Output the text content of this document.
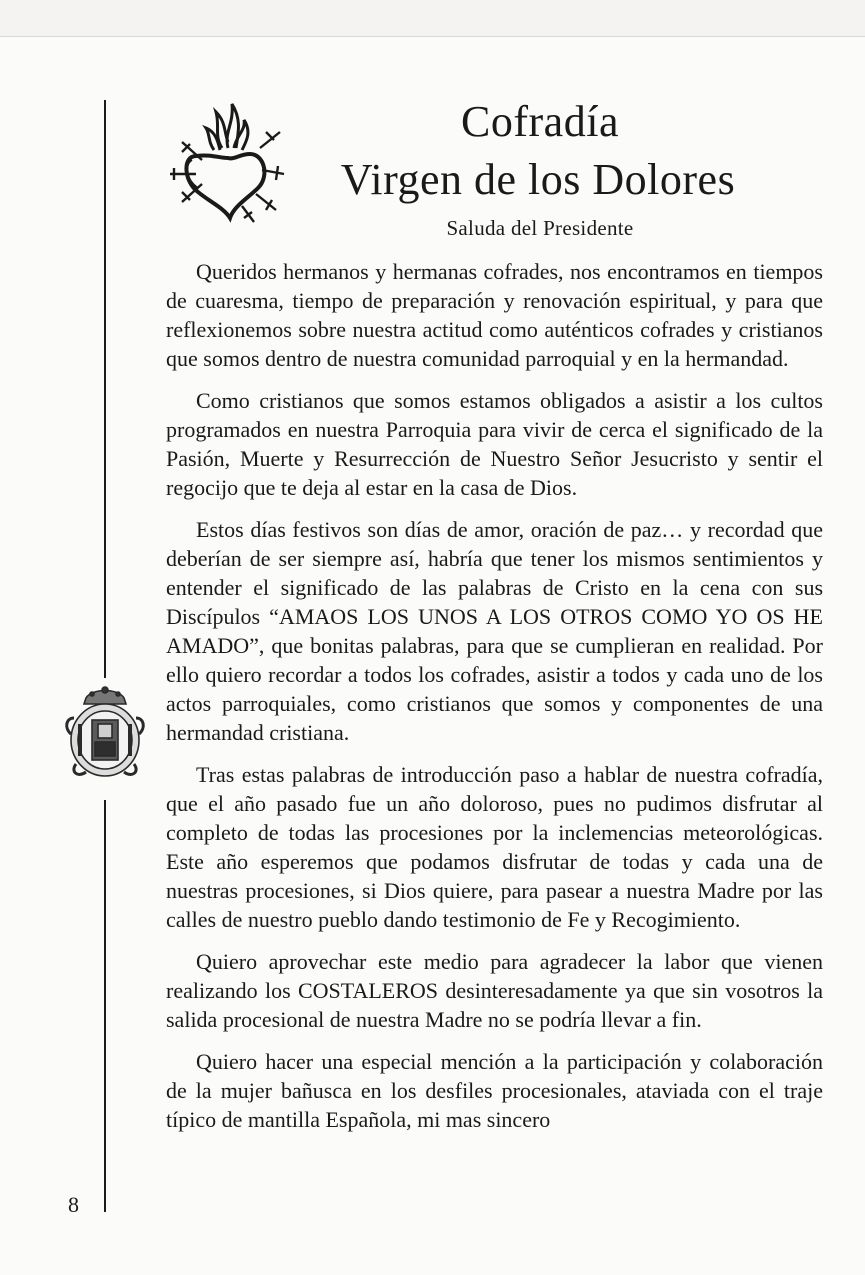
Cofradía
Virgen de los Dolores
Saluda del Presidente

Queridos hermanos y hermanas cofrades, nos encontramos en tiempos de cuaresma, tiempo de preparación y renovación espiritual, y para que reflexionemos sobre nuestra actitud como auténticos cofrades y cristianos que somos dentro de nuestra comunidad parroquial y en la hermandad.

Como cristianos que somos estamos obligados a asistir a los cultos programados en nuestra Parroquia para vivir de cerca el significado de la Pasión, Muerte y Resurrección de Nuestro Señor Jesucristo y sentir el regocijo que te deja al estar en la casa de Dios.

Estos días festivos son días de amor, oración de paz… y recordad que deberían de ser siempre así, habría que tener los mismos sentimientos y entender el significado de las palabras de Cristo en la cena con sus Discípulos “AMAOS LOS UNOS A LOS OTROS COMO YO OS HE AMADO”, que bonitas palabras, para que se cumplieran en realidad. Por ello quiero recordar a todos los cofrades, asistir a todos y cada uno de los actos parroquiales, como cristianos que somos y componentes de una hermandad cristiana.

Tras estas palabras de introducción paso a hablar de nuestra cofradía, que el año pasado fue un año doloroso, pues no pudimos disfrutar al completo de todas las procesiones por la inclemencias meteorológicas. Este año esperemos que podamos disfrutar de todas y cada una de nuestras procesiones, si Dios quiere, para pasear a nuestra Madre por las calles de nuestro pueblo dando testimonio de Fe y Recogimiento.

Quiero aprovechar este medio para agradecer la labor que vienen realizando los COSTALEROS desinteresadamente ya que sin vosotros la salida procesional de nuestra Madre no se podría llevar a fin.

Quiero hacer una especial mención a la participación y colaboración de la mujer bañusca en los desfiles procesionales, ataviada con el traje típico de mantilla Española, mi mas sincero

8
